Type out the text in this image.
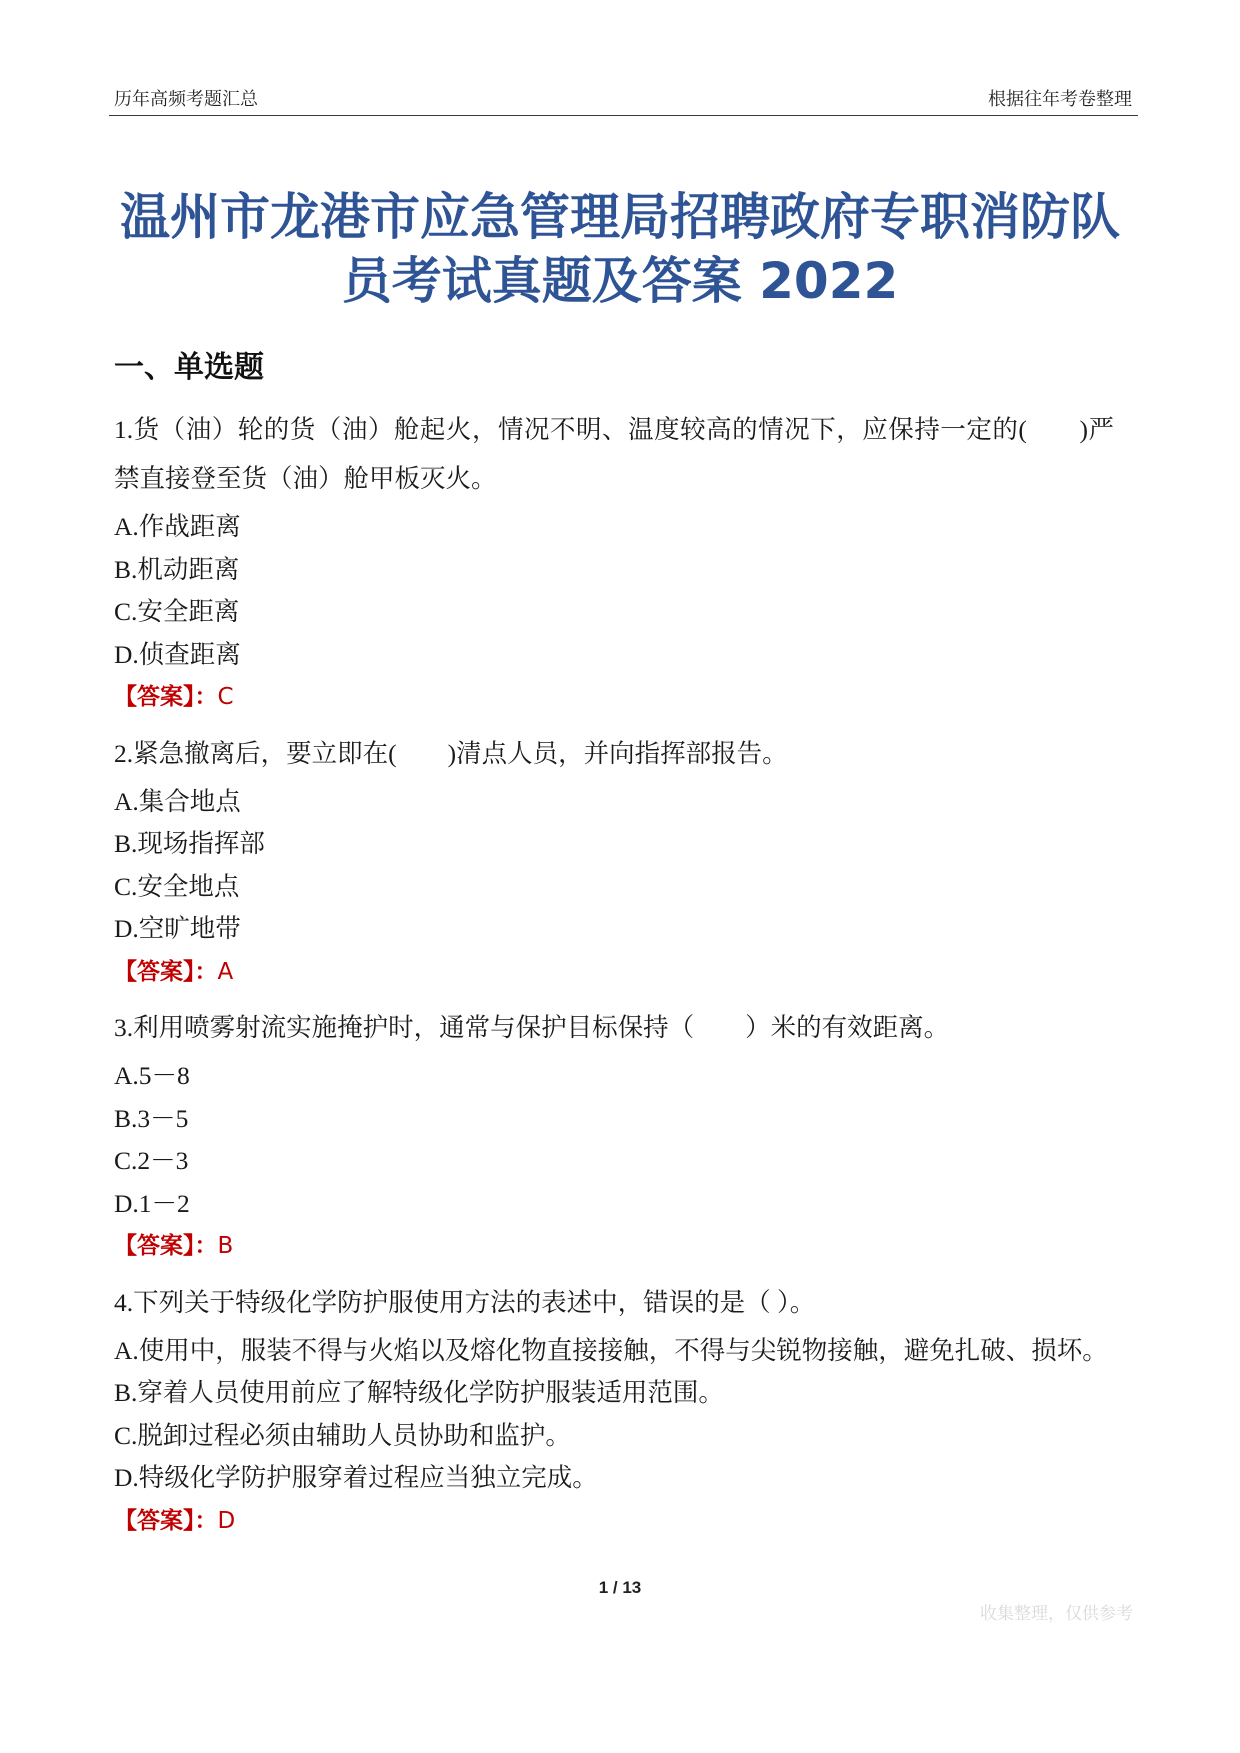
历年高频考题汇总	根据往年考卷整理
温州市龙港市应急管理局招聘政府专职消防队
员考试真题及答案 2022
一、单选题
1.货（油）轮的货（油）舱起火，情况不明、温度较高的情况下，应保持一定的(　　)严禁直接登至货（油）舱甲板灭火。
A.作战距离
B.机动距离
C.安全距离
D.侦查距离
【答案】：C
2.紧急撤离后，要立即在(　　)清点人员，并向指挥部报告。
A.集合地点
B.现场指挥部
C.安全地点
D.空旷地带
【答案】：A
3.利用喷雾射流实施掩护时，通常与保护目标保持（　　）米的有效距离。
A.5－8
B.3－5
C.2－3
D.1－2
【答案】：B
4.下列关于特级化学防护服使用方法的表述中，错误的是（ ）。
A.使用中，服装不得与火焰以及熔化物直接接触，不得与尖锐物接触，避免扎破、损坏。
B.穿着人员使用前应了解特级化学防护服装适用范围。
C.脱卸过程必须由辅助人员协助和监护。
D.特级化学防护服穿着过程应当独立完成。
【答案】：D
1 / 13
收集整理，仅供参考
